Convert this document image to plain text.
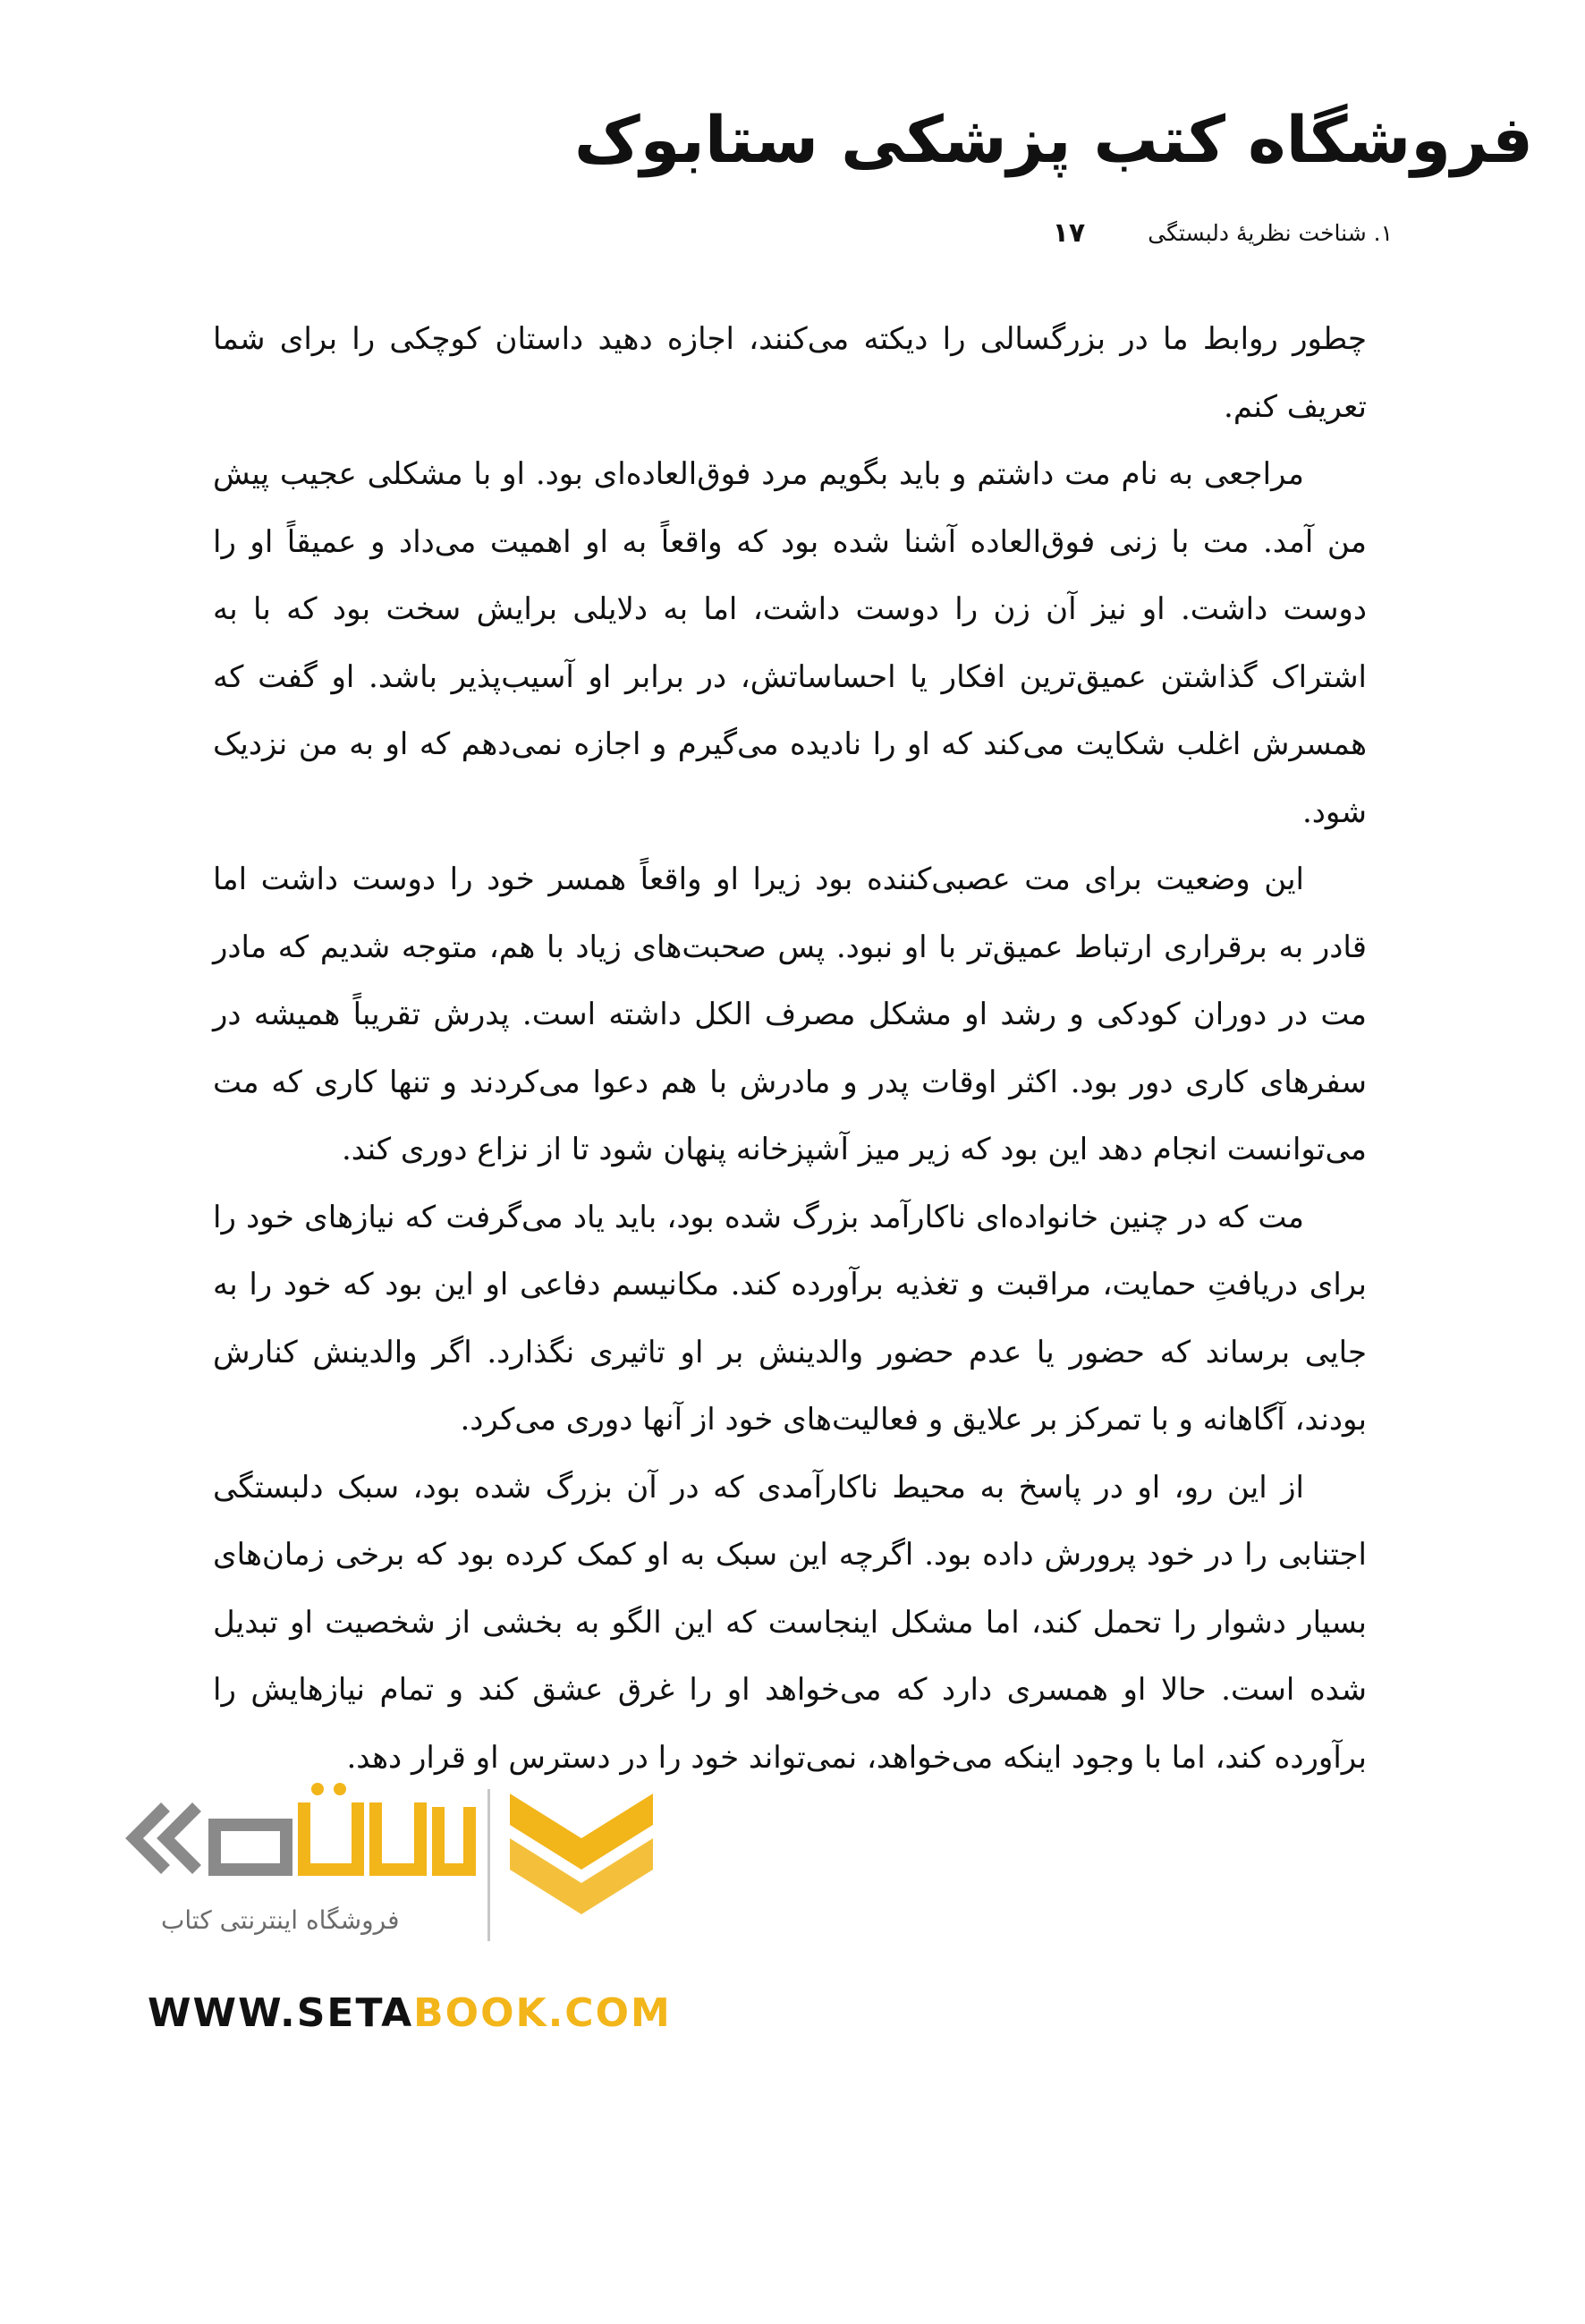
فروشگاه کتب پزشکی ستابوک
۱. شناخت نظریهٔ دلبستگی
۱۷

چطور روابط ما در بزرگسالی را دیکته می‌کنند، اجازه دهید داستان کوچکی را برای شما تعریف کنم.

مراجعی به نام مت داشتم و باید بگویم مرد فوق‌العاده‌ای بود. او با مشکلی عجیب پیش من آمد. مت با زنی فوق‌العاده آشنا شده بود که واقعاً به او اهمیت می‌داد و عمیقاً او را دوست داشت. او نیز آن زن را دوست داشت، اما به دلایلی برایش سخت بود که با به اشتراک گذاشتن عمیق‌ترین افکار یا احساساتش، در برابر او آسیب‌پذیر باشد. او گفت که همسرش اغلب شکایت می‌کند که او را نادیده می‌گیرم و اجازه نمی‌دهم که او به من نزدیک شود.

این وضعیت برای مت عصبی‌کننده بود زیرا او واقعاً همسر خود را دوست داشت اما قادر به برقراری ارتباط عمیق‌تر با او نبود. پس صحبت‌های زیاد با هم، متوجه شدیم که مادر مت در دوران کودکی و رشد او مشکل مصرف الکل داشته است. پدرش تقریباً همیشه در سفرهای کاری دور بود. اکثر اوقات پدر و مادرش با هم دعوا می‌کردند و تنها کاری که مت می‌توانست انجام دهد این بود که زیر میز آشپزخانه پنهان شود تا از نزاع دوری کند.

مت که در چنین خانواده‌ای ناکارآمد بزرگ شده بود، باید یاد می‌گرفت که نیازهای خود را برای دریافتِ حمایت، مراقبت و تغذیه برآورده کند. مکانیسم دفاعی او این بود که خود را به جایی برساند که حضور یا عدم حضور والدینش بر او تاثیری نگذارد. اگر والدینش کنارش بودند، آگاهانه و با تمرکز بر علایق و فعالیت‌های خود از آنها دوری می‌کرد.

از این رو، او در پاسخ به محیط ناکارآمدی که در آن بزرگ شده بود، سبک دلبستگی اجتنابی را در خود پرورش داده بود. اگرچه این سبک به او کمک کرده بود که برخی زمان‌های بسیار دشوار را تحمل کند، اما مشکل اینجاست که این الگو به بخشی از شخصیت او تبدیل شده است. حالا او همسری دارد که می‌خواهد او را غرق عشق کند و تمام نیازهایش را برآورده کند، اما با وجود اینکه می‌خواهد، نمی‌تواند خود را در دسترس او قرار دهد.

فروشگاه اینترنتی کتاب
WWW.SETABOOK.COM
